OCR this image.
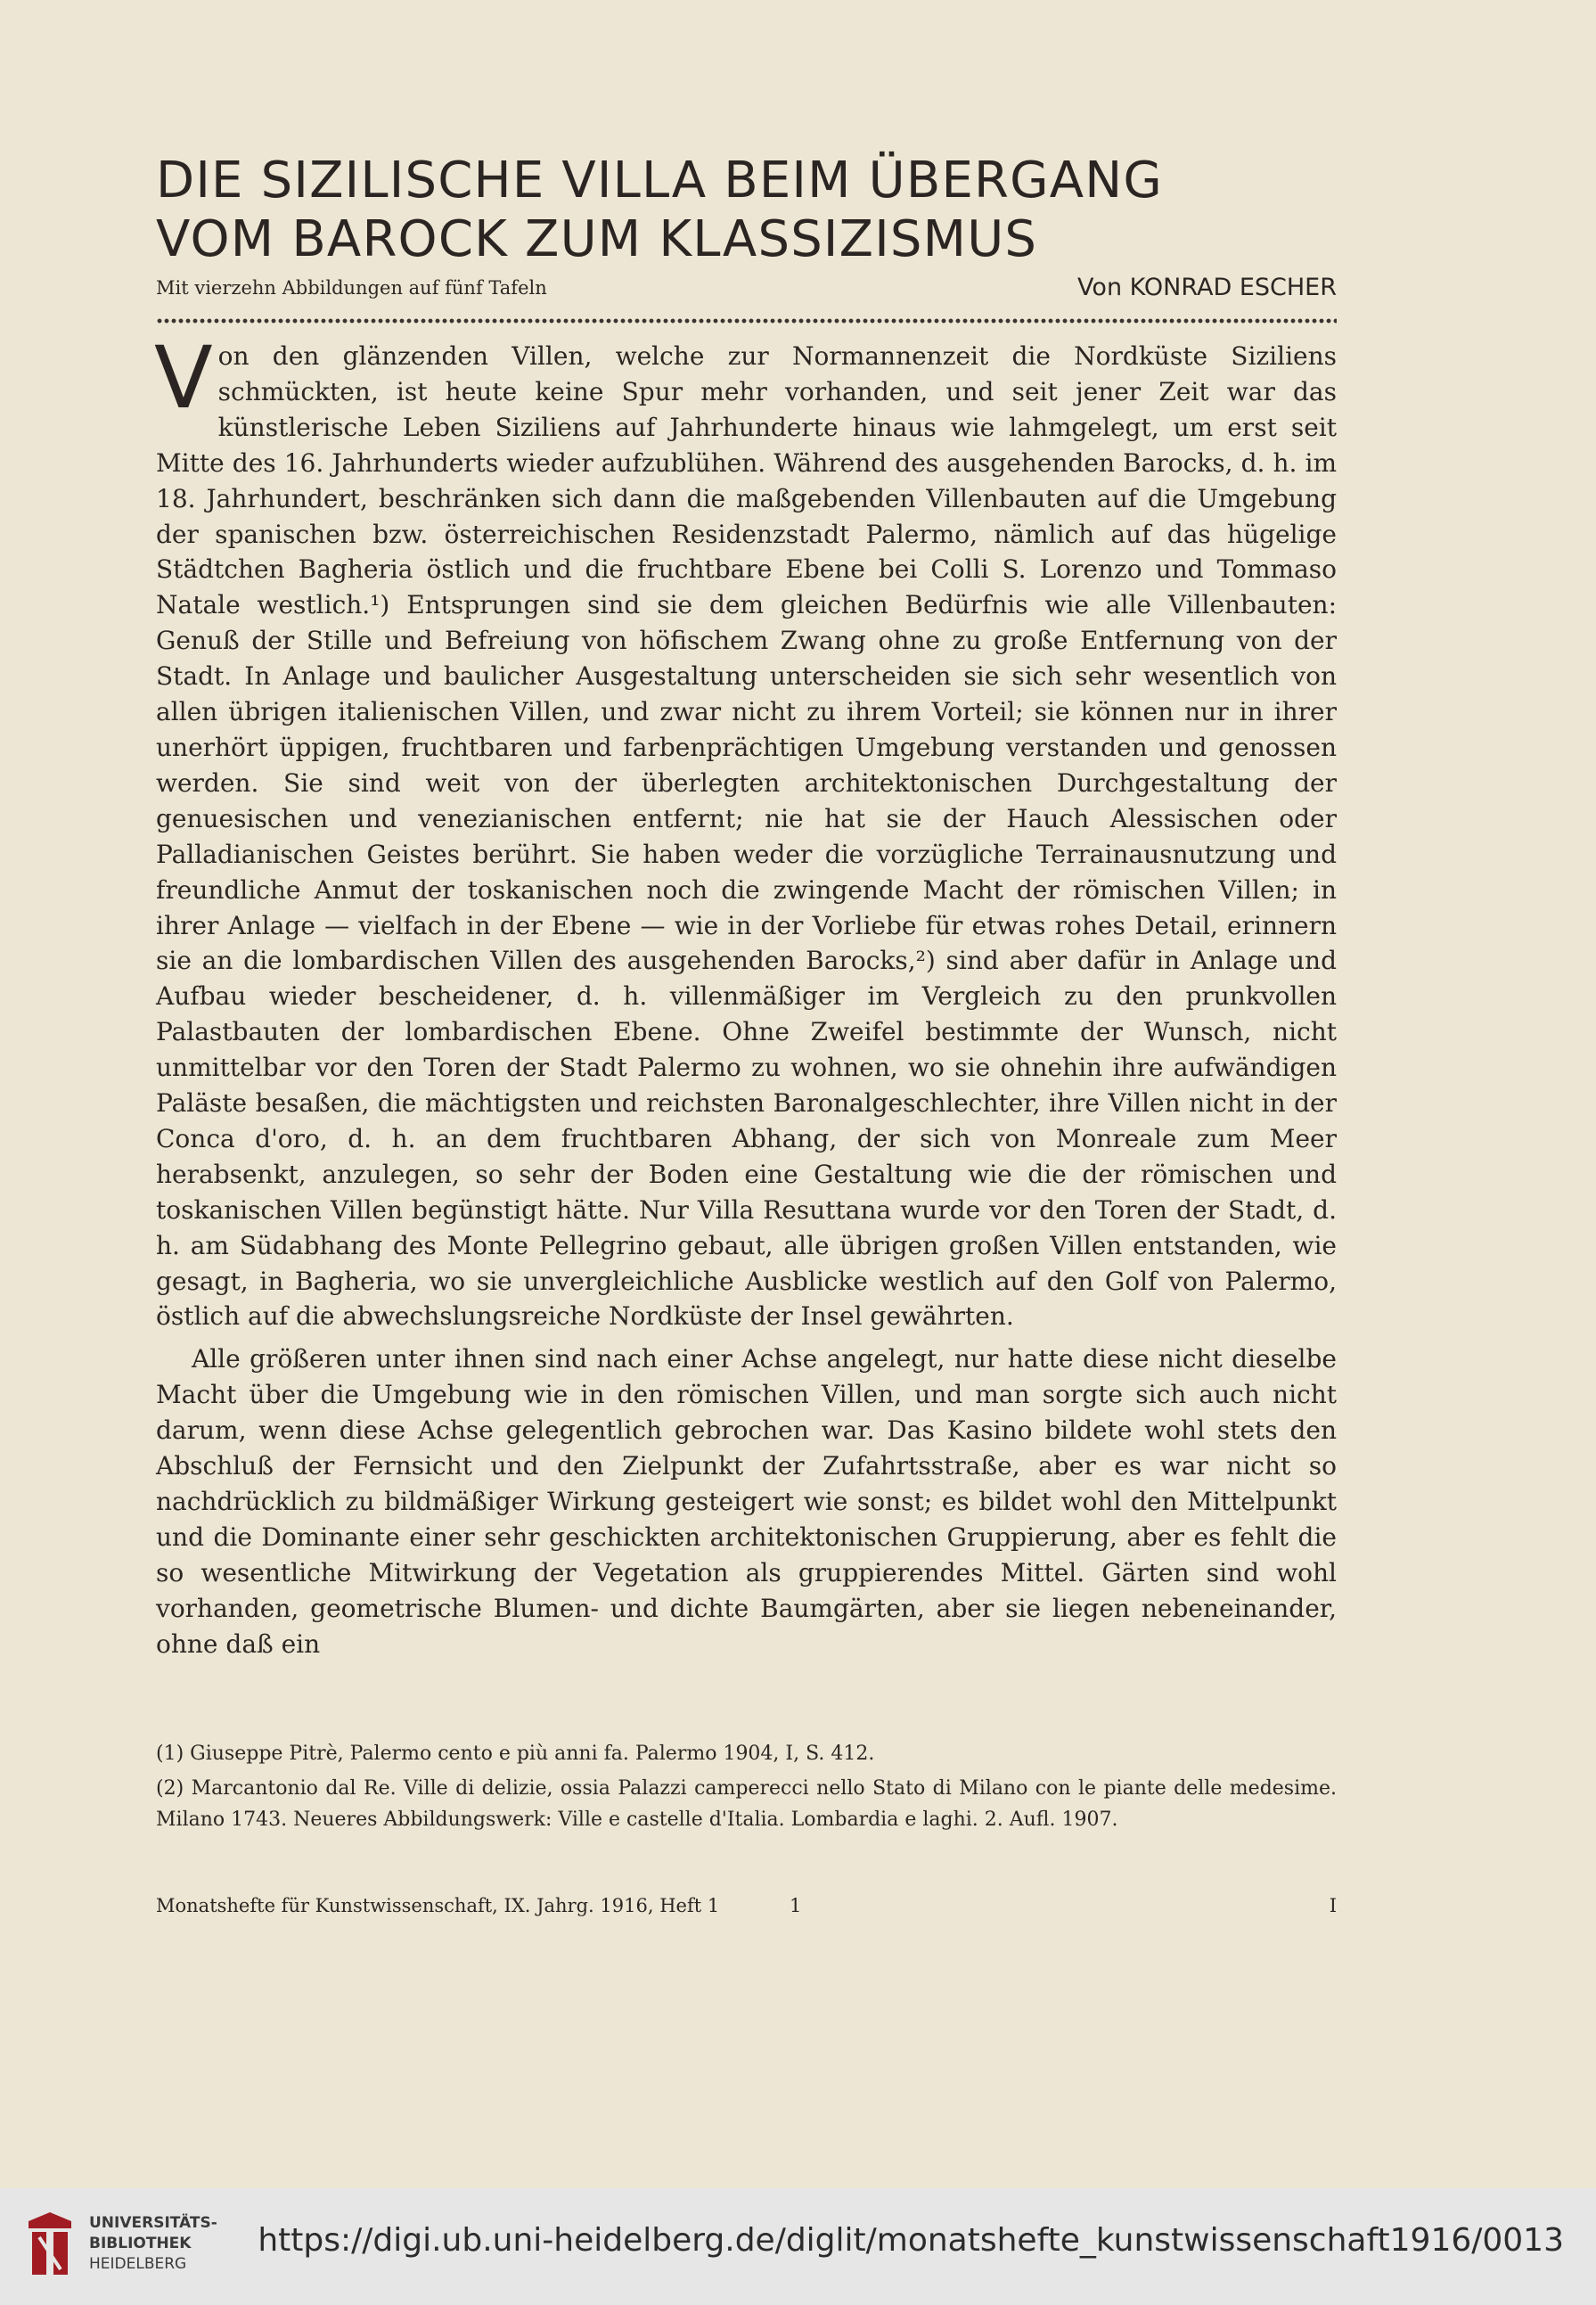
DIE SIZILISCHE VILLA BEIM ÜBERGANG
VOM BAROCK ZUM KLASSIZISMUS
Mit vierzehn Abbildungen auf fünf Tafeln	Von KONRAD ESCHER

Von den glänzenden Villen, welche zur Normannenzeit die Nordküste Siziliens schmückten, ist heute keine Spur mehr vorhanden, und seit jener Zeit war das künstlerische Leben Siziliens auf Jahrhunderte hinaus wie lahmgelegt, um erst seit Mitte des 16. Jahrhunderts wieder aufzublühen. Während des ausgehenden Barocks, d. h. im 18. Jahrhundert, beschränken sich dann die maßgebenden Villenbauten auf die Umgebung der spanischen bzw. österreichischen Residenzstadt Palermo, nämlich auf das hügelige Städtchen Bagheria östlich und die fruchtbare Ebene bei Colli S. Lorenzo und Tommaso Natale westlich.¹) Entsprungen sind sie dem gleichen Bedürfnis wie alle Villenbauten: Genuß der Stille und Befreiung von höfischem Zwang ohne zu große Entfernung von der Stadt. In Anlage und baulicher Ausgestaltung unterscheiden sie sich sehr wesentlich von allen übrigen italienischen Villen, und zwar nicht zu ihrem Vorteil; sie können nur in ihrer unerhört üppigen, fruchtbaren und farbenprächtigen Umgebung verstanden und genossen werden. Sie sind weit von der überlegten architektonischen Durchgestaltung der genuesischen und venezianischen entfernt; nie hat sie der Hauch Alessischen oder Palladianischen Geistes berührt. Sie haben weder die vorzügliche Terrainausnutzung und freundliche Anmut der toskanischen noch die zwingende Macht der römischen Villen; in ihrer Anlage — vielfach in der Ebene — wie in der Vorliebe für etwas rohes Detail, erinnern sie an die lombardischen Villen des ausgehenden Barocks,²) sind aber dafür in Anlage und Aufbau wieder bescheidener, d. h. villenmäßiger im Vergleich zu den prunkvollen Palastbauten der lombardischen Ebene. Ohne Zweifel bestimmte der Wunsch, nicht unmittelbar vor den Toren der Stadt Palermo zu wohnen, wo sie ohnehin ihre aufwändigen Paläste besaßen, die mächtigsten und reichsten Baronalgeschlechter, ihre Villen nicht in der Conca d'oro, d. h. an dem fruchtbaren Abhang, der sich von Monreale zum Meer herabsenkt, anzulegen, so sehr der Boden eine Gestaltung wie die der römischen und toskanischen Villen begünstigt hätte. Nur Villa Resuttana wurde vor den Toren der Stadt, d. h. am Südabhang des Monte Pellegrino gebaut, alle übrigen großen Villen entstanden, wie gesagt, in Bagheria, wo sie unvergleichliche Ausblicke westlich auf den Golf von Palermo, östlich auf die abwechslungsreiche Nordküste der Insel gewährten.

Alle größeren unter ihnen sind nach einer Achse angelegt, nur hatte diese nicht dieselbe Macht über die Umgebung wie in den römischen Villen, und man sorgte sich auch nicht darum, wenn diese Achse gelegentlich gebrochen war. Das Kasino bildete wohl stets den Abschluß der Fernsicht und den Zielpunkt der Zufahrtsstraße, aber es war nicht so nachdrücklich zu bildmäßiger Wirkung gesteigert wie sonst; es bildet wohl den Mittelpunkt und die Dominante einer sehr geschickten architektonischen Gruppierung, aber es fehlt die so wesentliche Mitwirkung der Vegetation als gruppierendes Mittel. Gärten sind wohl vorhanden, geometrische Blumen- und dichte Baumgärten, aber sie liegen nebeneinander, ohne daß ein

(1) Giuseppe Pitrè, Palermo cento e più anni fa. Palermo 1904, I, S. 412.

(2) Marcantonio dal Re. Ville di delizie, ossia Palazzi camperecci nello Stato di Milano con le piante delle medesime. Milano 1743. Neueres Abbildungswerk: Ville e castelle d'Italia. Lombardia e laghi. 2. Aufl. 1907.

Monatshefte für Kunstwissenschaft, IX. Jahrg. 1916, Heft 1	1	I
UNIVERSITÄTS-
BIBLIOTHEK
HEIDELBERG
https://digi.ub.uni-heidelberg.de/diglit/monatshefte_kunstwissenschaft1916/0013
